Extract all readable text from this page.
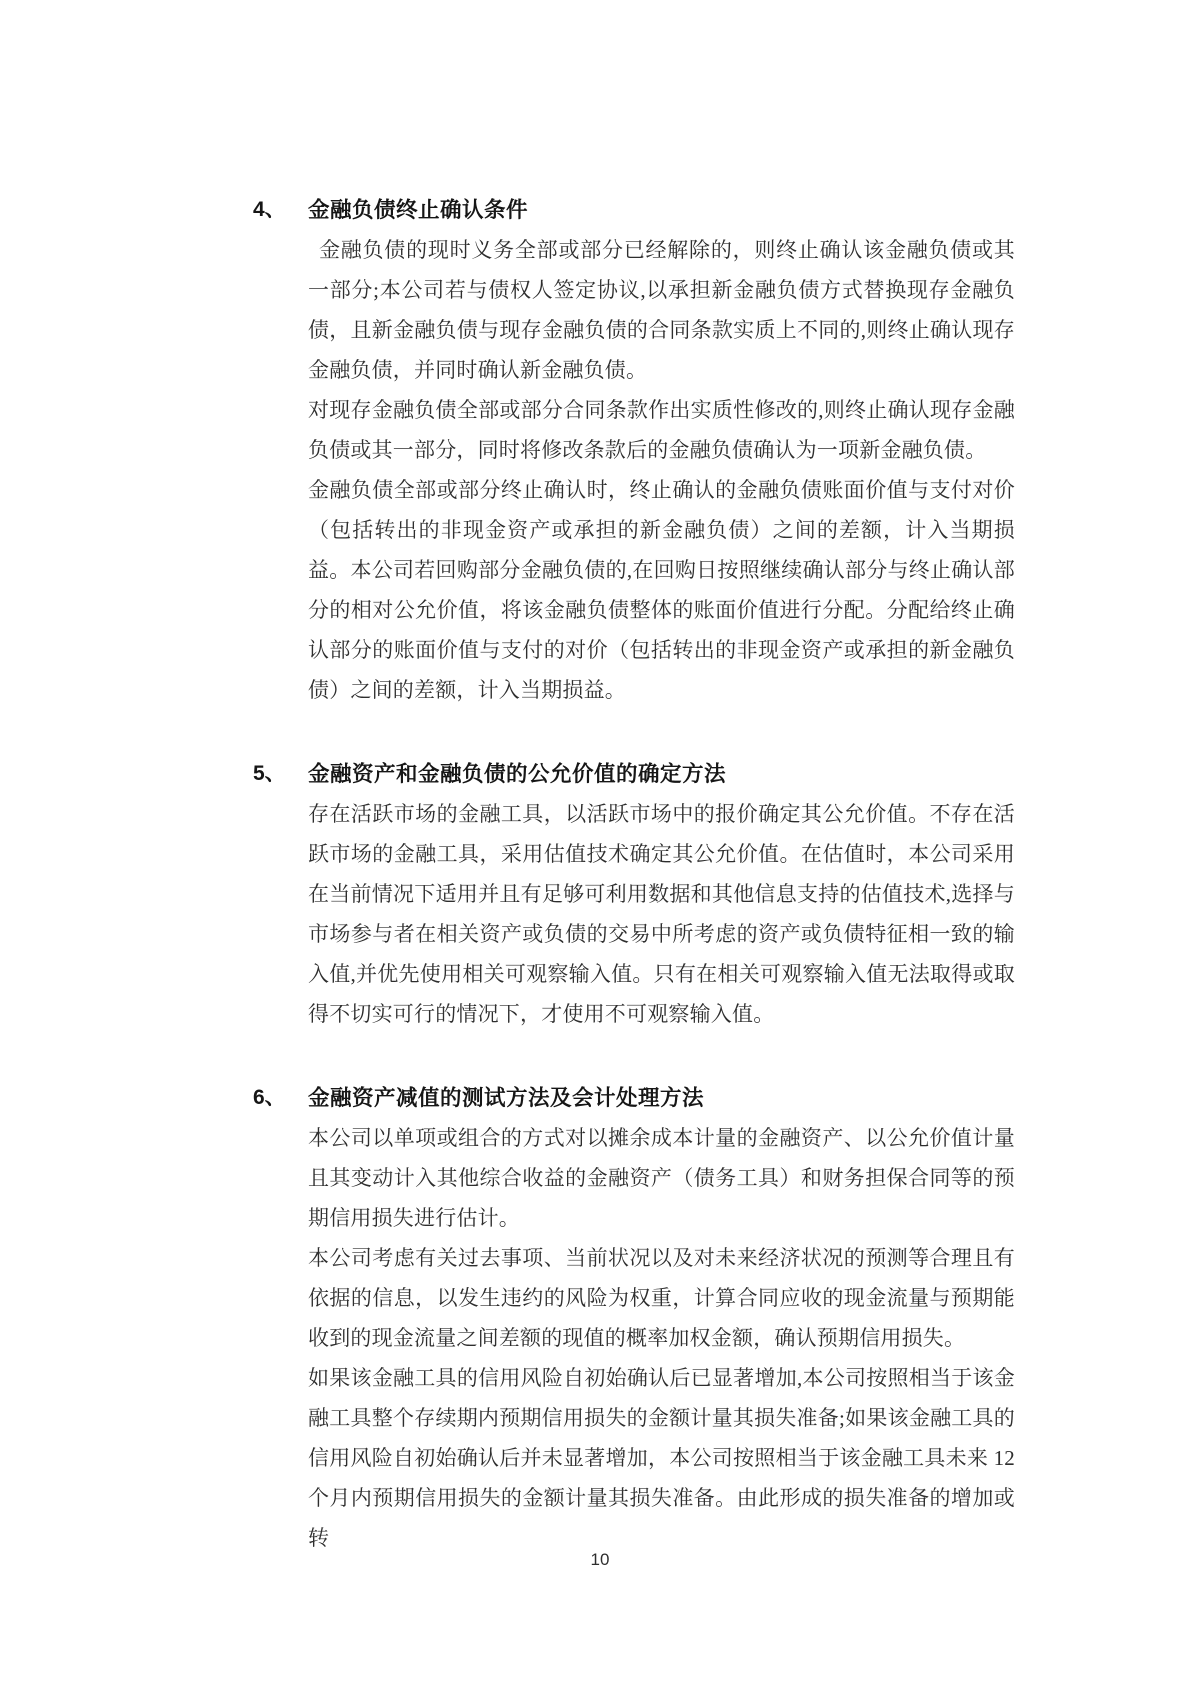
4、	金融负债终止确认条件

金融负债的现时义务全部或部分已经解除的，则终止确认该金融负债或其一部分;本公司若与债权人签定协议,以承担新金融负债方式替换现存金融负债，且新金融负债与现存金融负债的合同条款实质上不同的,则终止确认现存金融负债，并同时确认新金融负债。

对现存金融负债全部或部分合同条款作出实质性修改的,则终止确认现存金融负债或其一部分，同时将修改条款后的金融负债确认为一项新金融负债。

金融负债全部或部分终止确认时，终止确认的金融负债账面价值与支付对价（包括转出的非现金资产或承担的新金融负债）之间的差额，计入当期损益。本公司若回购部分金融负债的,在回购日按照继续确认部分与终止确认部分的相对公允价值，将该金融负债整体的账面价值进行分配。分配给终止确认部分的账面价值与支付的对价（包括转出的非现金资产或承担的新金融负债）之间的差额，计入当期损益。

5、	金融资产和金融负债的公允价值的确定方法

存在活跃市场的金融工具，以活跃市场中的报价确定其公允价值。不存在活跃市场的金融工具，采用估值技术确定其公允价值。在估值时，本公司采用在当前情况下适用并且有足够可利用数据和其他信息支持的估值技术,选择与市场参与者在相关资产或负债的交易中所考虑的资产或负债特征相一致的输入值,并优先使用相关可观察输入值。只有在相关可观察输入值无法取得或取得不切实可行的情况下，才使用不可观察输入值。

6、	金融资产减值的测试方法及会计处理方法

本公司以单项或组合的方式对以摊余成本计量的金融资产、以公允价值计量且其变动计入其他综合收益的金融资产（债务工具）和财务担保合同等的预期信用损失进行估计。

本公司考虑有关过去事项、当前状况以及对未来经济状况的预测等合理且有依据的信息，以发生违约的风险为权重，计算合同应收的现金流量与预期能收到的现金流量之间差额的现值的概率加权金额，确认预期信用损失。

如果该金融工具的信用风险自初始确认后已显著增加,本公司按照相当于该金融工具整个存续期内预期信用损失的金额计量其损失准备;如果该金融工具的信用风险自初始确认后并未显著增加，本公司按照相当于该金融工具未来 12 个月内预期信用损失的金额计量其损失准备。由此形成的损失准备的增加或转

10
